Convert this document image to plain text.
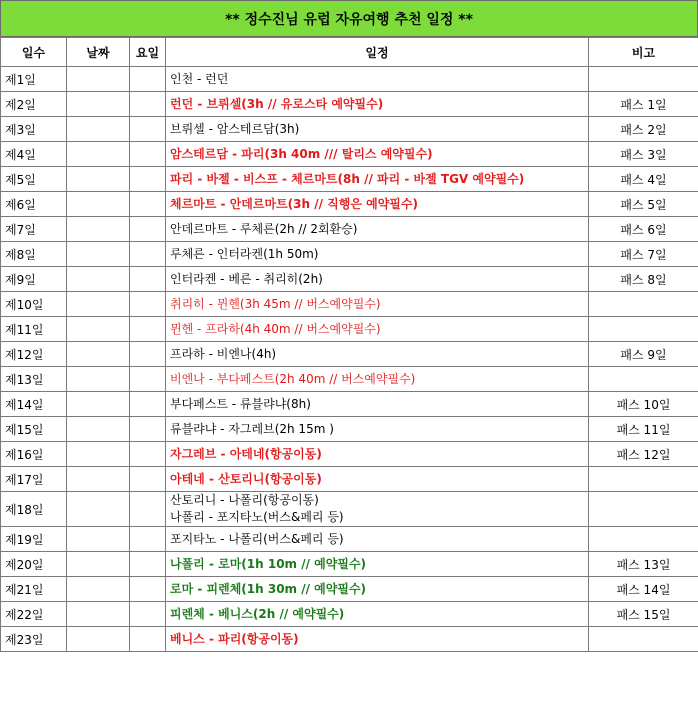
** 정수진님 유럽 자유여행 추천 일정 **
일수	날짜	요일	일정	비고
제1일			인천 - 런던	

제2일			런던 - 브뤼셀(3h // 유로스타 예약필수)	패스 1일
제3일			브뤼셀 - 암스테르담(3h)	패스 2일
제4일			암스테르담 - 파리(3h 40m /// 탈리스 예약필수)	패스 3일
제5일			파리 - 바젤 - 비스프 - 체르마트(8h // 파리 - 바젤 TGV 예약필수)	패스 4일
제6일			체르마트 - 안데르마트(3h // 직행은 예약필수)	패스 5일
제7일			안데르마트 - 루체른(2h // 2회환승)	패스 6일
제8일			루체른 - 인터라켄(1h 50m)	패스 7일
제9일			인터라켄 - 베른 - 취리히(2h)	패스 8일
제10일			취리히 - 뮌헨(3h 45m // 버스예약필수)	

제11일			뮌헨 - 프라하(4h 40m // 버스예약필수)	

제12일			프라하 - 비엔나(4h)	패스 9일
제13일			비엔나 - 부다페스트(2h 40m // 버스예약필수)	

제14일			부다페스트 - 류블랴냐(8h)	패스 10일
제15일			류블랴냐 - 자그레브(2h 15m )	패스 11일
제16일			자그레브 - 아테네(항공이동)	패스 12일
제17일			아테네 - 산토리니(항공이동)	

제18일			산토리니 - 나폴리(항공이동)
나폴리 - 포지타노(버스&페리 등)	

제19일			포지타노 - 나폴리(버스&페리 등)	

제20일			나폴리 - 로마(1h 10m // 예약필수)	패스 13일
제21일			로마 - 피렌체(1h 30m // 예약필수)	패스 14일
제22일			피렌체 - 베니스(2h // 예약필수)	패스 15일
제23일			베니스 - 파리(항공이동)	
